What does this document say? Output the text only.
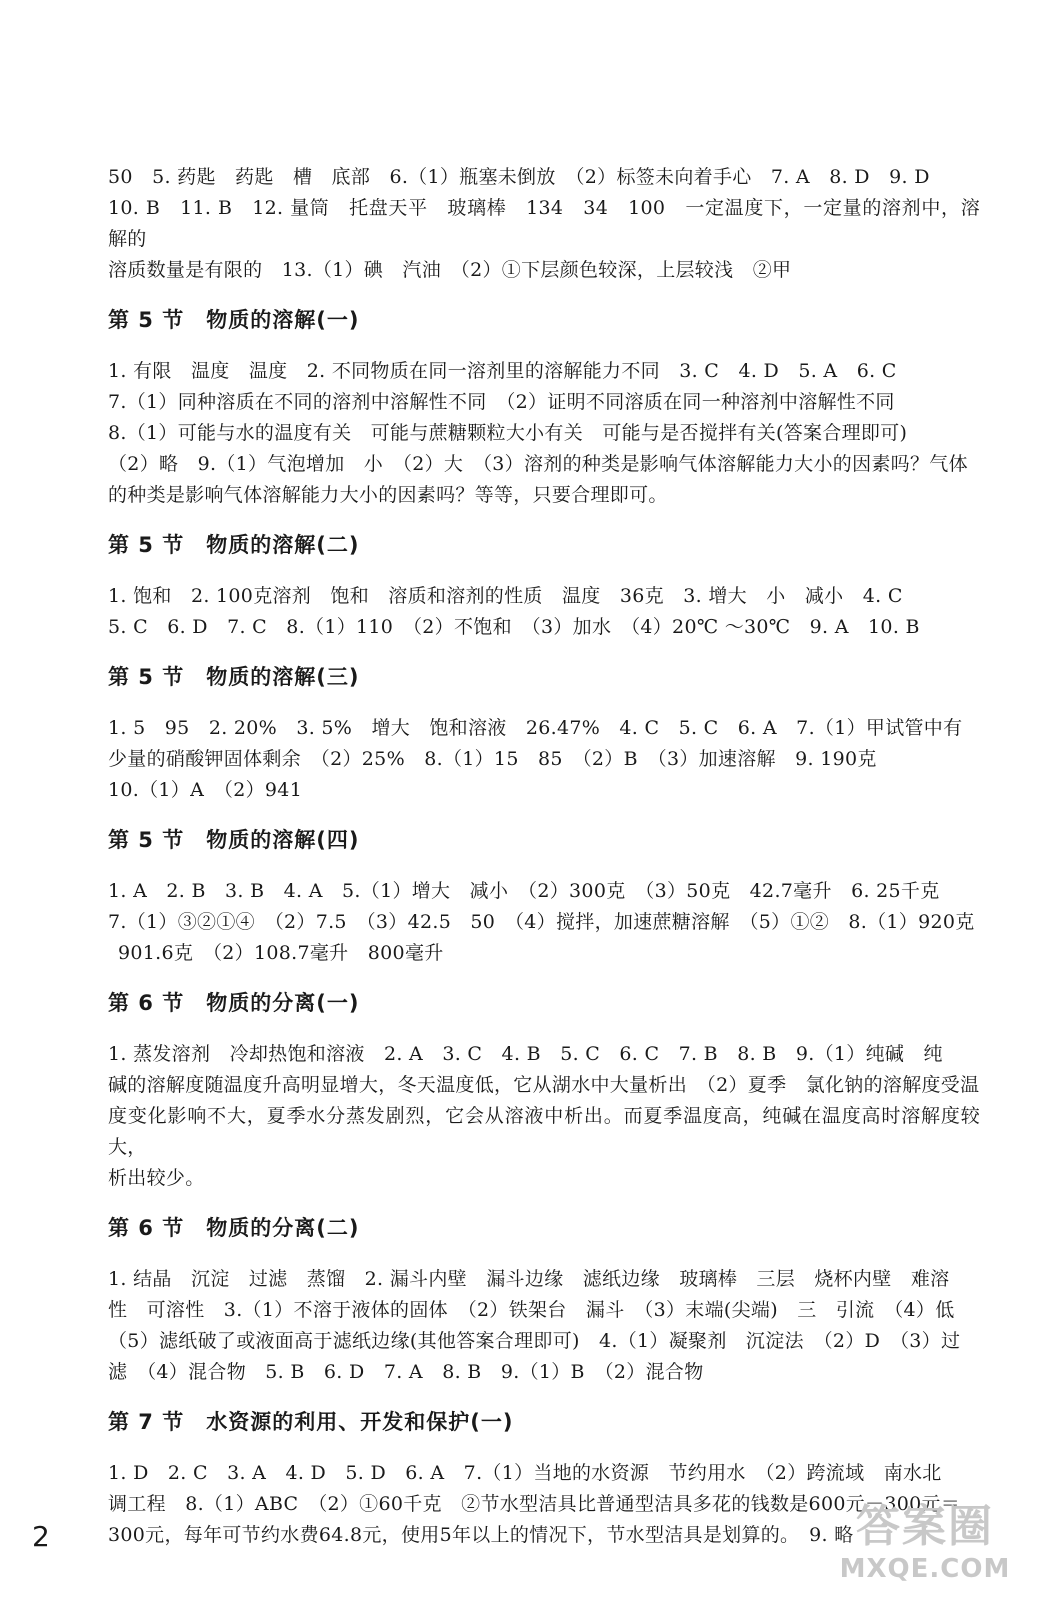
50　5. 药匙　药匙　槽　底部　6.（1）瓶塞未倒放　（2）标签未向着手心　7. A　8. D　9. D

10. B　11. B　12. 量筒　托盘天平　玻璃棒　134　34　100　一定温度下，一定量的溶剂中，溶解的

溶质数量是有限的　13.（1）碘　汽油　（2）①下层颜色较深，上层较浅　②甲

第 5 节 物质的溶解(一)

1. 有限　温度　温度　2. 不同物质在同一溶剂里的溶解能力不同　3. C　4. D　5. A　6. C

7.（1）同种溶质在不同的溶剂中溶解性不同　（2）证明不同溶质在同一种溶剂中溶解性不同

8.（1）可能与水的温度有关　可能与蔗糖颗粒大小有关　可能与是否搅拌有关(答案合理即可)

（2）略　9.（1）气泡增加　小　（2）大　（3）溶剂的种类是影响气体溶解能力大小的因素吗？气体

的种类是影响气体溶解能力大小的因素吗？等等，只要合理即可。

第 5 节 物质的溶解(二)

1. 饱和　2. 100克溶剂　饱和　溶质和溶剂的性质　温度　36克　3. 增大　小　减小　4. C

5. C　6. D　7. C　8.（1）110　（2）不饱和　（3）加水　（4）20℃ ～30℃　9. A　10. B

第 5 节 物质的溶解(三)

1. 5　95　2. 20%　3. 5%　增大　饱和溶液　26.47%　4. C　5. C　6. A　7.（1）甲试管中有

少量的硝酸钾固体剩余　（2）25%　8.（1）15　85　（2）B　（3）加速溶解　9. 190克

10.（1）A　（2）941

第 5 节 物质的溶解(四)

1. A　2. B　3. B　4. A　5.（1）增大　减小　（2）300克　（3）50克　42.7毫升　6. 25千克

7.（1）③②①④　（2）7.5　（3）42.5　50　（4）搅拌，加速蔗糖溶解　（5）①②　8.（1）920克

901.6克　（2）108.7毫升　800毫升

第 6 节 物质的分离(一)

1. 蒸发溶剂　冷却热饱和溶液　2. A　3. C　4. B　5. C　6. C　7. B　8. B　9.（1）纯碱　纯

碱的溶解度随温度升高明显增大，冬天温度低，它从湖水中大量析出　（2）夏季　氯化钠的溶解度受温

度变化影响不大，夏季水分蒸发剧烈，它会从溶液中析出。而夏季温度高，纯碱在温度高时溶解度较大，

析出较少。

第 6 节 物质的分离(二)

1. 结晶　沉淀　过滤　蒸馏　2. 漏斗内壁　漏斗边缘　滤纸边缘　玻璃棒　三层　烧杯内壁　难溶

性　可溶性　3.（1）不溶于液体的固体　（2）铁架台　漏斗　（3）末端(尖端)　三　引流　（4）低

（5）滤纸破了或液面高于滤纸边缘(其他答案合理即可)　4.（1）凝聚剂　沉淀法　（2）D　（3）过

滤　（4）混合物　5. B　6. D　7. A　8. B　9.（1）B　（2）混合物

第 7 节 水资源的利用、开发和保护(一)

1. D　2. C　3. A　4. D　5. D　6. A　7.（1）当地的水资源　节约用水　（2）跨流域　南水北

调工程　8.（1）ABC　（2）①60千克　②节水型洁具比普通型洁具多花的钱数是600元－300元＝

300元，每年可节约水费64.8元，使用5年以上的情况下，节水型洁具是划算的。　9. 略

2	答案圈
MXQE.COM
